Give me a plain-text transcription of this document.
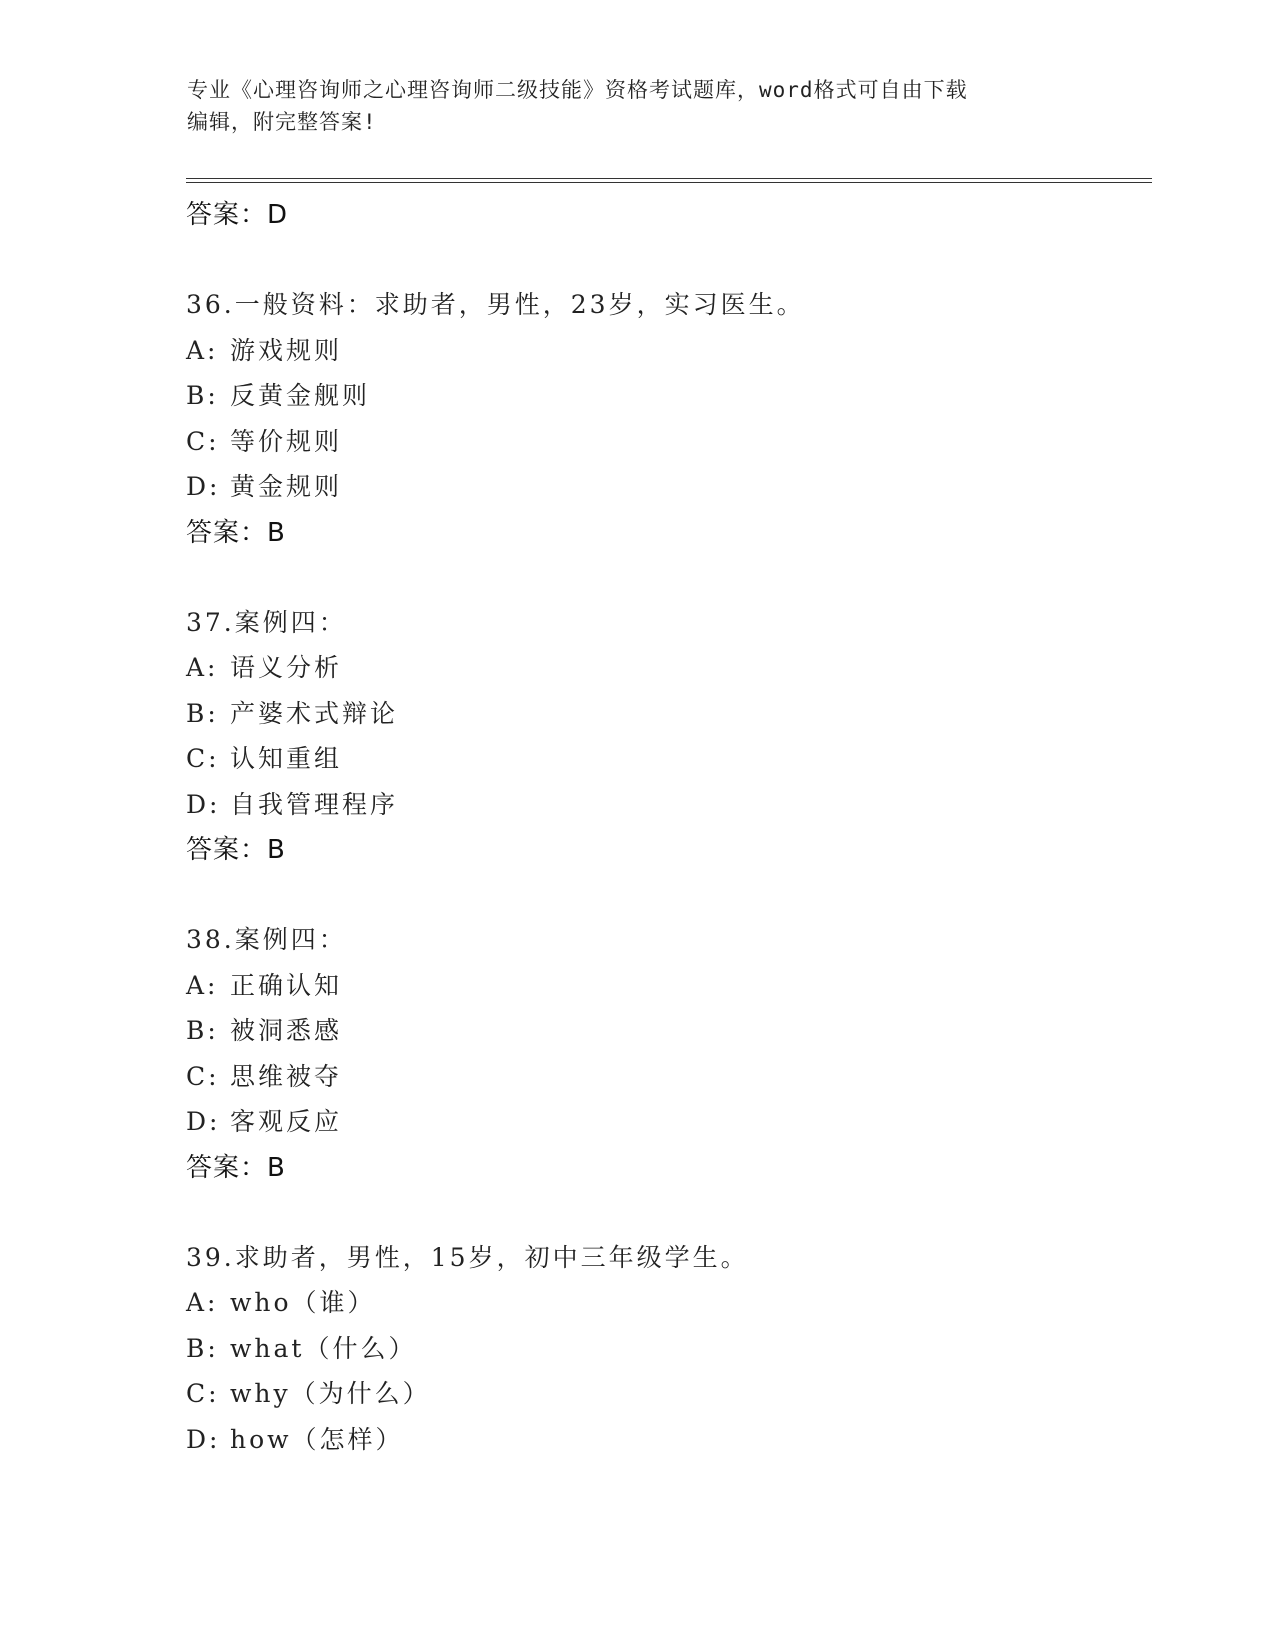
专业《心理咨询师之心理咨询师二级技能》资格考试题库，word格式可自由下载
编辑，附完整答案!
答案：D
36.一般资料：求助者，男性，23岁，实习医生。
A: 游戏规则
B: 反黄金舰则
C: 等价规则
D: 黄金规则
答案：B
37.案例四：
A: 语义分析
B: 产婆术式辩论
C: 认知重组
D: 自我管理程序
答案：B
38.案例四：
A: 正确认知
B: 被洞悉感
C: 思维被夺
D: 客观反应
答案：B
39.求助者，男性，15岁，初中三年级学生。
A: who（谁）
B: what（什么）
C: why（为什么）
D: how（怎样）
